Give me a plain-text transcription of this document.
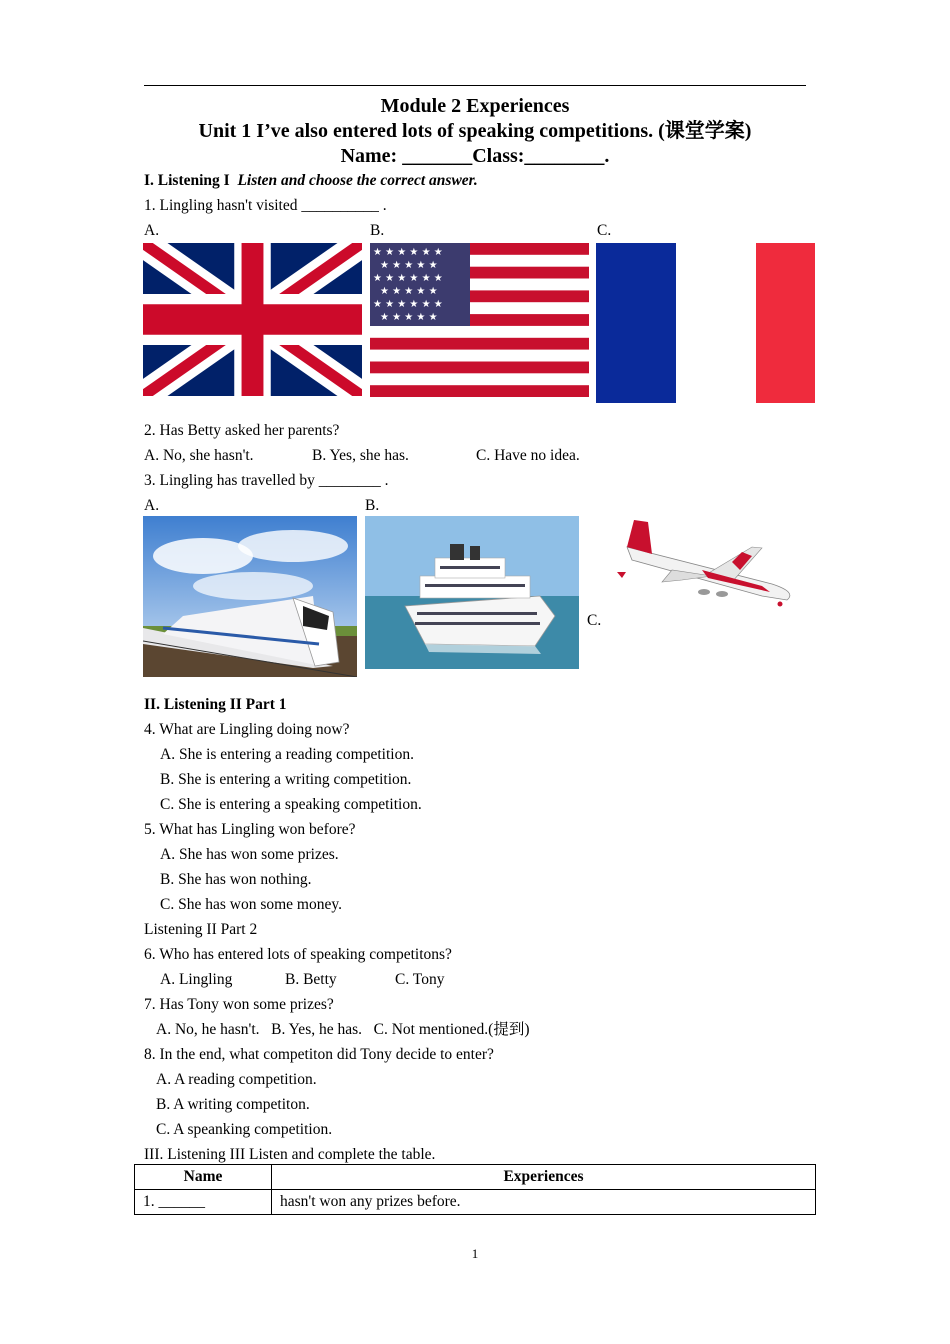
Module 2 Experiences
Unit 1 I’ve also entered lots of speaking competitions. (课堂学案)
Name: _______Class:________.
I. Listening I Listen and choose the correct answer.
1. Lingling hasn't visited __________ .
A.	B.	C.
★ ★ ★ ★ ★ ★
★ ★ ★ ★ ★
★ ★ ★ ★ ★ ★
★ ★ ★ ★ ★
★ ★ ★ ★ ★ ★
★ ★ ★ ★ ★
2. Has Betty asked her parents?
A. No, she hasn't.	B. Yes, she has.	C. Have no idea.
3. Lingling has travelled by ________ .
A.	B.
C.
II. Listening II Part 1
4. What are Lingling doing now?
A. She is entering a reading competition.
B. She is entering a writing competition.
C. She is entering a speaking competition.
5. What has Lingling won before?
A. She has won some prizes.
B. She has won nothing.
C. She has won some money.
Listening II Part 2
6. Who has entered lots of speaking competitons?
A. Lingling	B. Betty	C. Tony
7. Has Tony won some prizes?
A. No, he hasn't.   B. Yes, he has.   C. Not mentioned.(提到)
8. In the end, what competiton did Tony decide to enter?
A. A reading competition.
B. A writing competiton.
C. A speanking competition.
III. Listening III Listen and complete the table.
Name	Experiences
1. ______	hasn't won any prizes before.
1
